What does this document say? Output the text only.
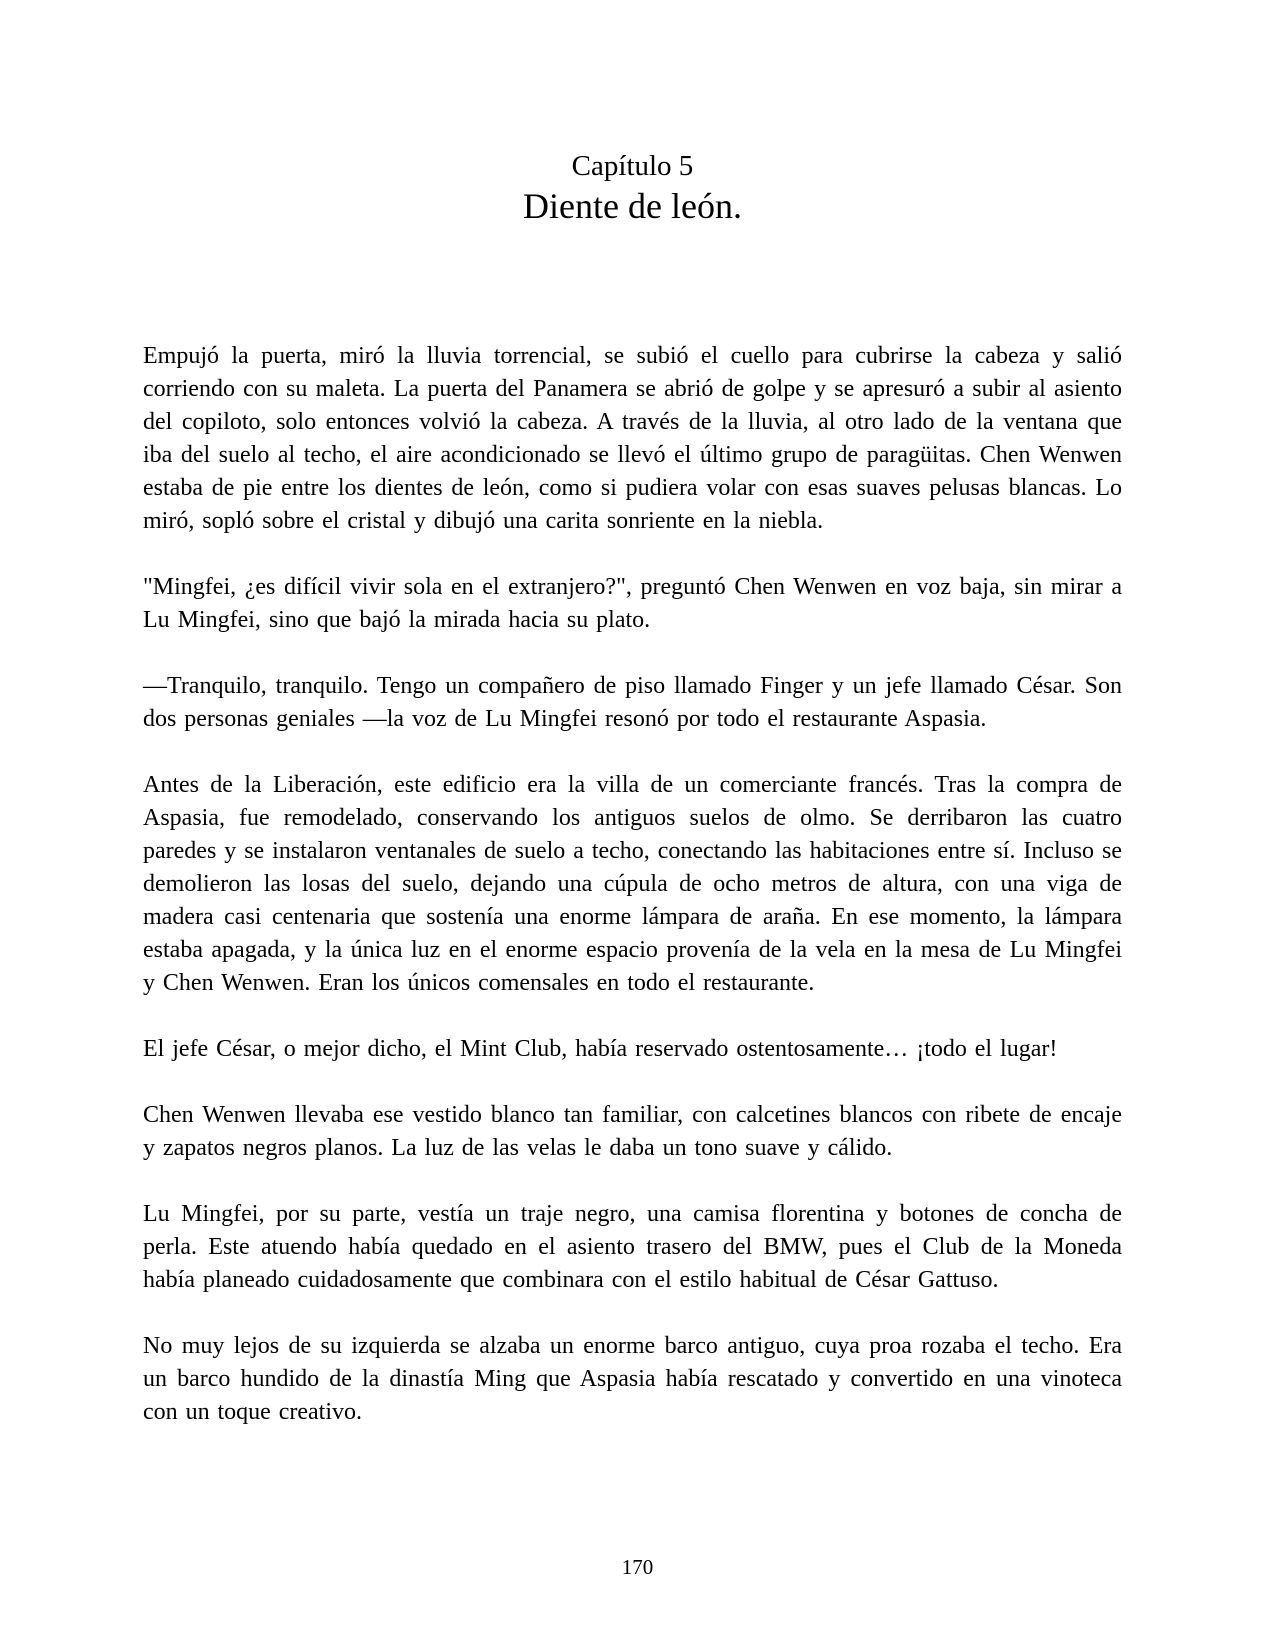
Capítulo 5
Diente de león.

Empujó la puerta, miró la lluvia torrencial, se subió el cuello para cubrirse la cabeza y salió corriendo con su maleta. La puerta del Panamera se abrió de golpe y se apresuró a subir al asiento del copiloto, solo entonces volvió la cabeza. A través de la lluvia, al otro lado de la ventana que iba del suelo al techo, el aire acondicionado se llevó el último grupo de paragüitas. Chen Wenwen estaba de pie entre los dientes de león, como si pudiera volar con esas suaves pelusas blancas. Lo miró, sopló sobre el cristal y dibujó una carita sonriente en la niebla.

"Mingfei, ¿es difícil vivir sola en el extranjero?", preguntó Chen Wenwen en voz baja, sin mirar a Lu Mingfei, sino que bajó la mirada hacia su plato.

—Tranquilo, tranquilo. Tengo un compañero de piso llamado Finger y un jefe llamado César. Son dos personas geniales —la voz de Lu Mingfei resonó por todo el restaurante Aspasia.

Antes de la Liberación, este edificio era la villa de un comerciante francés. Tras la compra de Aspasia, fue remodelado, conservando los antiguos suelos de olmo. Se derribaron las cuatro paredes y se instalaron ventanales de suelo a techo, conectando las habitaciones entre sí. Incluso se demolieron las losas del suelo, dejando una cúpula de ocho metros de altura, con una viga de madera casi centenaria que sostenía una enorme lámpara de araña. En ese momento, la lámpara estaba apagada, y la única luz en el enorme espacio provenía de la vela en la mesa de Lu Mingfei y Chen Wenwen. Eran los únicos comensales en todo el restaurante.

El jefe César, o mejor dicho, el Mint Club, había reservado ostentosamente… ¡todo el lugar!

Chen Wenwen llevaba ese vestido blanco tan familiar, con calcetines blancos con ribete de encaje y zapatos negros planos. La luz de las velas le daba un tono suave y cálido.

Lu Mingfei, por su parte, vestía un traje negro, una camisa florentina y botones de concha de perla. Este atuendo había quedado en el asiento trasero del BMW, pues el Club de la Moneda había planeado cuidadosamente que combinara con el estilo habitual de César Gattuso.

No muy lejos de su izquierda se alzaba un enorme barco antiguo, cuya proa rozaba el techo. Era un barco hundido de la dinastía Ming que Aspasia había rescatado y convertido en una vinoteca con un toque creativo.

170
